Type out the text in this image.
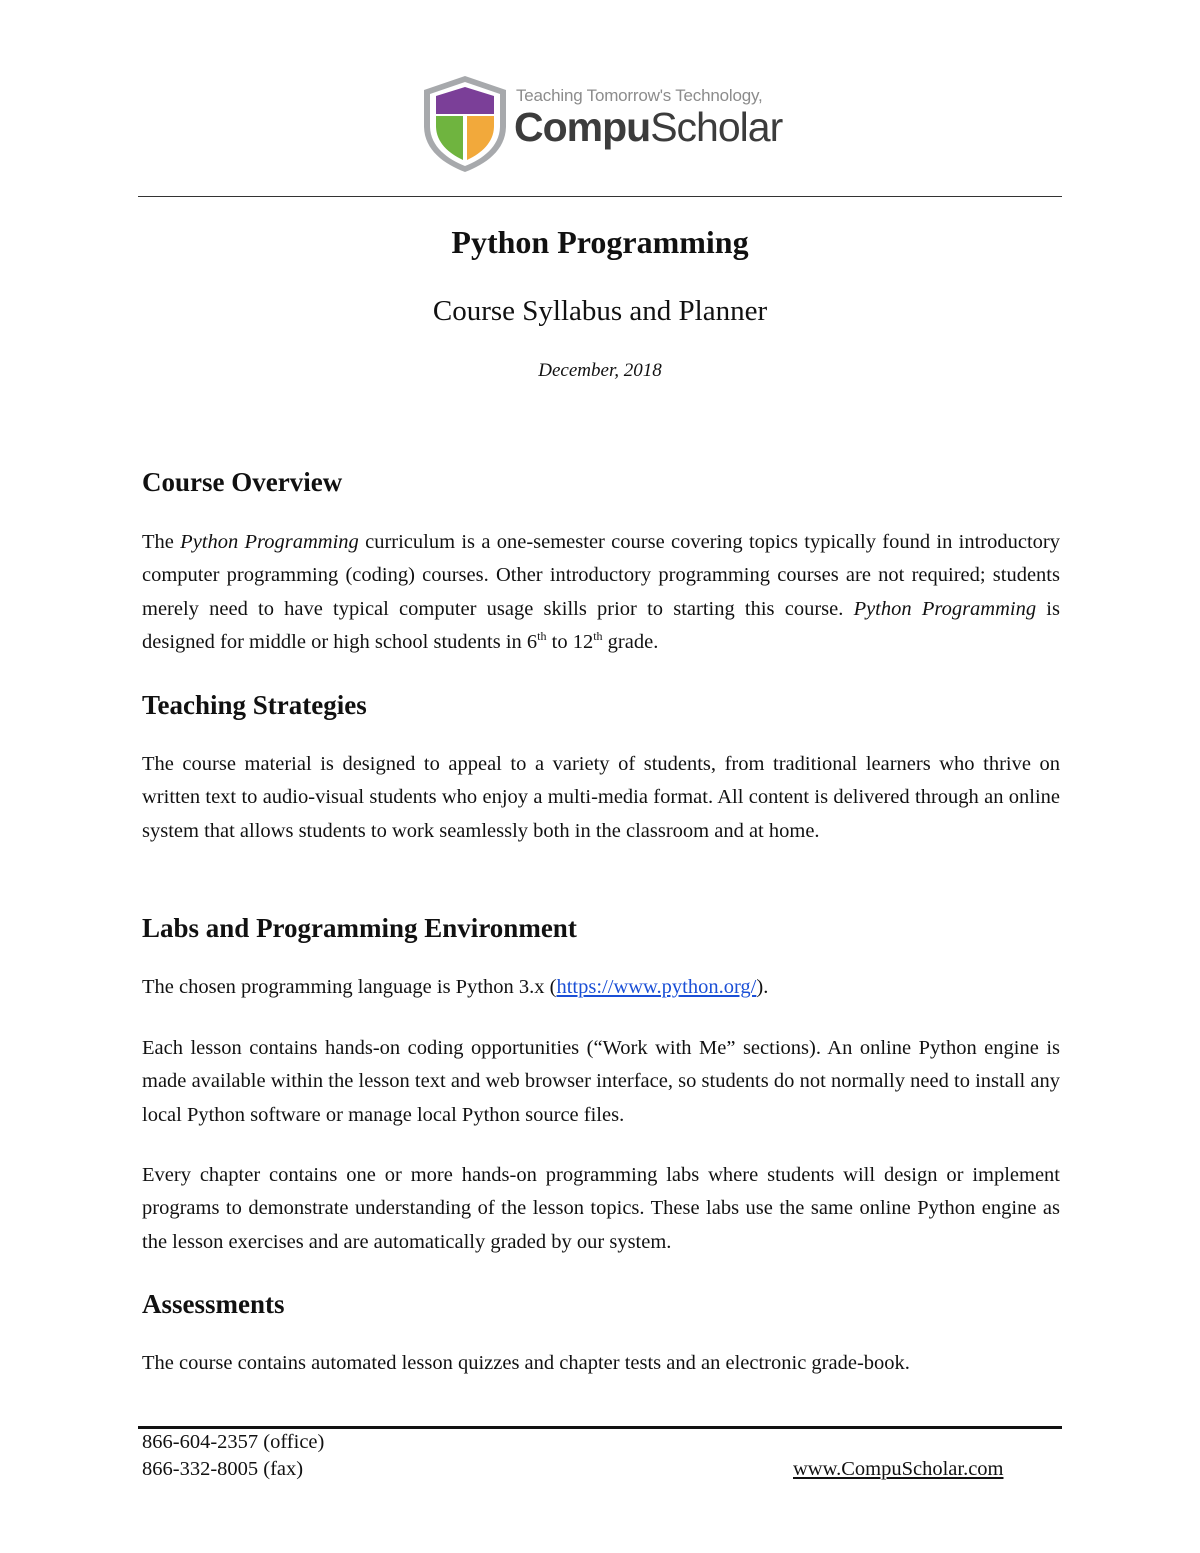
Teaching Tomorrow's Technology,
CompuScholar
Python Programming
Course Syllabus and Planner
December, 2018
Course Overview
The Python Programming curriculum is a one-semester course covering topics typically found in introductory computer programming (coding) courses. Other introductory programming courses are not required; students merely need to have typical computer usage skills prior to starting this course. Python Programming is designed for middle or high school students in 6th to 12th grade.
Teaching Strategies
The course material is designed to appeal to a variety of students, from traditional learners who thrive on written text to audio-visual students who enjoy a multi-media format. All content is delivered through an online system that allows students to work seamlessly both in the classroom and at home.
Labs and Programming Environment
The chosen programming language is Python 3.x (https://www.python.org/).
Each lesson contains hands-on coding opportunities (“Work with Me” sections). An online Python engine is made available within the lesson text and web browser interface, so students do not normally need to install any local Python software or manage local Python source files.
Every chapter contains one or more hands-on programming labs where students will design or implement programs to demonstrate understanding of the lesson topics. These labs use the same online Python engine as the lesson exercises and are automatically graded by our system.
Assessments
The course contains automated lesson quizzes and chapter tests and an electronic grade-book.
866-604-2357 (office)
866-332-8005 (fax)	www.CompuScholar.com
